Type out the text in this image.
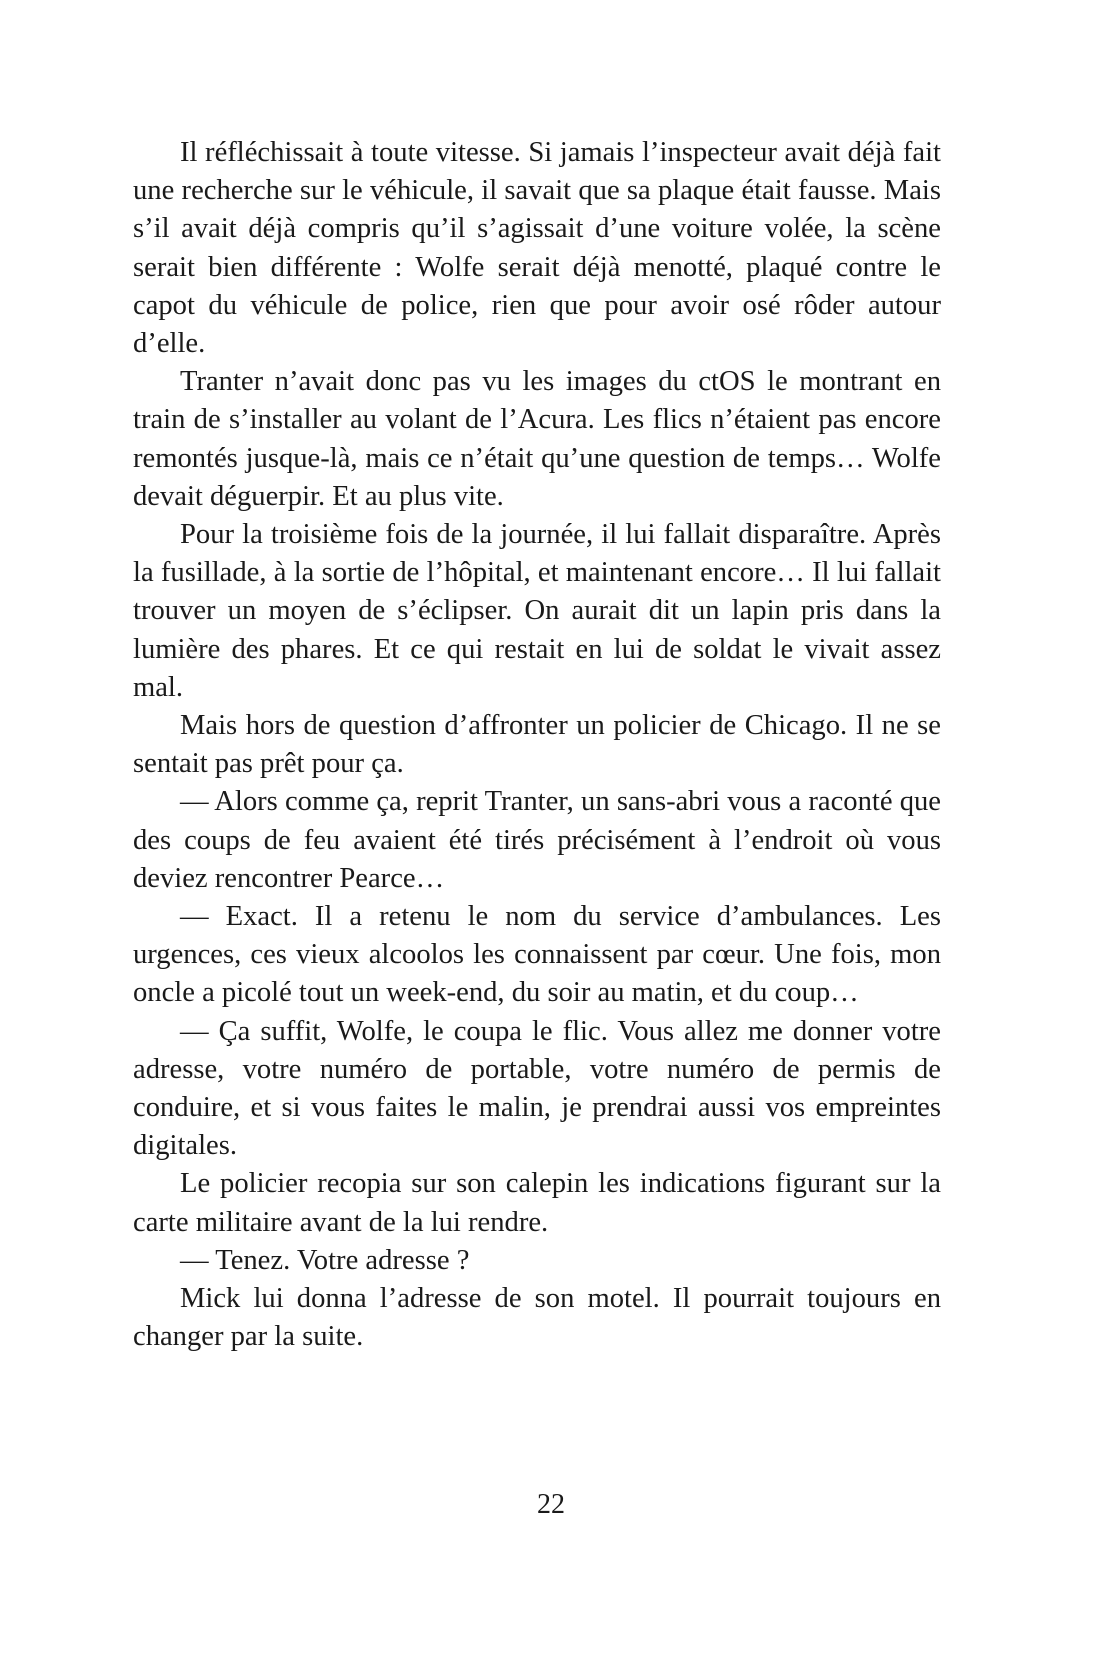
Il réfléchissait à toute vitesse. Si jamais l’inspecteur avait déjà fait une recherche sur le véhicule, il savait que sa plaque était fausse. Mais s’il avait déjà compris qu’il s’agissait d’une voiture volée, la scène serait bien différente : Wolfe serait déjà menotté, plaqué contre le capot du véhicule de police, rien que pour avoir osé rôder autour d’elle.

Tranter n’avait donc pas vu les images du ctOS le montrant en train de s’installer au volant de l’Acura. Les flics n’étaient pas encore remontés jusque-là, mais ce n’était qu’une question de temps… Wolfe devait déguerpir. Et au plus vite.

Pour la troisième fois de la journée, il lui fallait disparaître. Après la fusillade, à la sortie de l’hôpital, et maintenant encore… Il lui fallait trouver un moyen de s’éclipser. On aurait dit un lapin pris dans la lumière des phares. Et ce qui restait en lui de soldat le vivait assez mal.

Mais hors de question d’affronter un policier de Chicago. Il ne se sentait pas prêt pour ça.

— Alors comme ça, reprit Tranter, un sans-abri vous a raconté que des coups de feu avaient été tirés précisément à l’endroit où vous deviez rencontrer Pearce…

— Exact. Il a retenu le nom du service d’ambulances. Les urgences, ces vieux alcoolos les connaissent par cœur. Une fois, mon oncle a picolé tout un week-end, du soir au matin, et du coup…

— Ça suffit, Wolfe, le coupa le flic. Vous allez me donner votre adresse, votre numéro de portable, votre numéro de permis de conduire, et si vous faites le malin, je prendrai aussi vos empreintes digitales.

Le policier recopia sur son calepin les indications figurant sur la carte militaire avant de la lui rendre.

— Tenez. Votre adresse ?

Mick lui donna l’adresse de son motel. Il pourrait toujours en changer par la suite.

22
